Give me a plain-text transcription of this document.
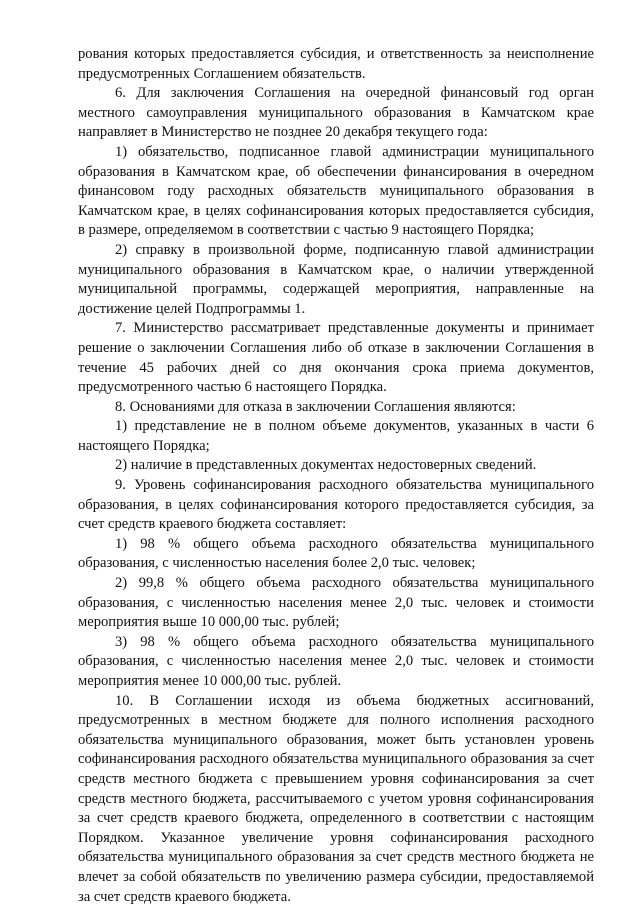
рования которых предоставляется субсидия, и ответственность за неисполнение предусмотренных Соглашением обязательств.

6. Для заключения Соглашения на очередной финансовый год орган местного самоуправления муниципального образования в Камчатском крае направляет в Министерство не позднее 20 декабря текущего года:

1) обязательство, подписанное главой администрации муниципального образования в Камчатском крае, об обеспечении финансирования в очередном финансовом году расходных обязательств муниципального образования в Камчатском крае, в целях софинансирования которых предоставляется субсидия, в размере, определяемом в соответствии с частью 9 настоящего Порядка;

2) справку в произвольной форме, подписанную главой администрации муниципального образования в Камчатском крае, о наличии утвержденной муниципальной программы, содержащей мероприятия, направленные на достижение целей Подпрограммы 1.

7. Министерство рассматривает представленные документы и принимает решение о заключении Соглашения либо об отказе в заключении Соглашения в течение 45 рабочих дней со дня окончания срока приема документов, предусмотренного частью 6 настоящего Порядка.

8. Основаниями для отказа в заключении Соглашения являются:

1) представление не в полном объеме документов, указанных в части 6 настоящего Порядка;

2) наличие в представленных документах недостоверных сведений.

9. Уровень софинансирования расходного обязательства муниципального образования, в целях софинансирования которого предоставляется субсидия, за счет средств краевого бюджета составляет:

1) 98 % общего объема расходного обязательства муниципального образования, с численностью населения более 2,0 тыс. человек;

2) 99,8 % общего объема расходного обязательства муниципального образования, с численностью населения менее 2,0 тыс. человек и стоимости мероприятия выше 10 000,00 тыс. рублей;

3) 98 % общего объема расходного обязательства муниципального образования, с численностью населения менее 2,0 тыс. человек и стоимости мероприятия менее 10 000,00 тыс. рублей.

10. В Соглашении исходя из объема бюджетных ассигнований, предусмотренных в местном бюджете для полного исполнения расходного обязательства муниципального образования, может быть установлен уровень софинансирования расходного обязательства муниципального образования за счет средств местного бюджета с превышением уровня софинансирования за счет средств местного бюджета, рассчитываемого с учетом уровня софинансирования за счет средств краевого бюджета, определенного в соответствии с настоящим Порядком. Указанное увеличение уровня софинансирования расходного обязательства муниципального образования за счет средств местного бюджета не влечет за собой обязательств по увеличению размера субсидии, предоставляемой за счет средств краевого бюджета.
